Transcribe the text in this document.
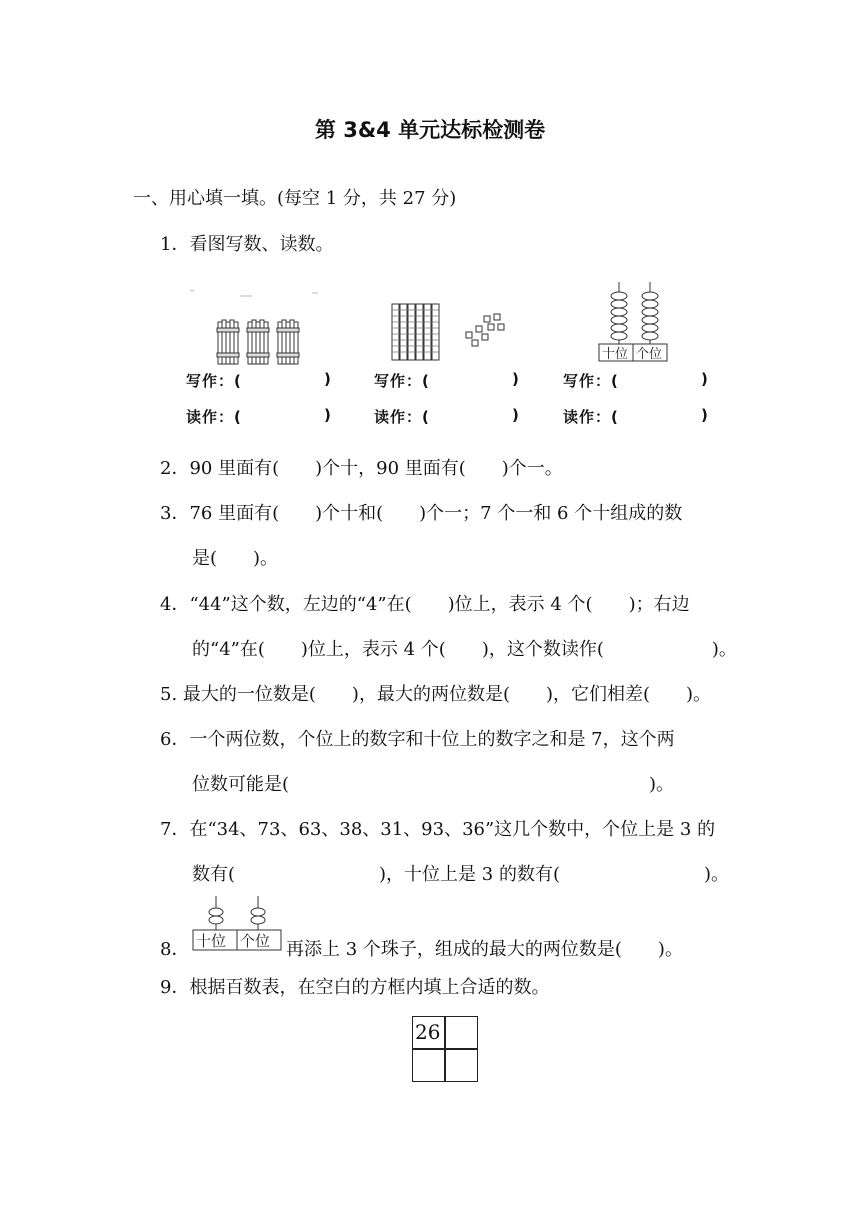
第 3&4 单元达标检测卷
一、用心填一填。(每空 1 分，共 27 分)
1．看图写数、读数。
十位 个位
写作：(	)	写作：(	)	写作：(	)
读作：(	)	读作：(	)	读作：(	)
2．90 里面有(　　)个十，90 里面有(　　)个一。
3．76 里面有(　　)个十和(　　)个一；7 个一和 6 个十组成的数
是(　　)。
4．“44”这个数，左边的“4”在(　　)位上，表示 4 个(　　)；右边
的“4”在(　　)位上，表示 4 个(　　)，这个数读作(　　　　　　)。
5. 最大的一位数是(　　)，最大的两位数是(　　)，它们相差(　　)。
6．一个两位数，个位上的数字和十位上的数字之和是 7，这个两
位数可能是(　　　　　　　　　　　　　　　　　　　　)。
7．在“34、73、63、38、31、93、36”这几个数中，个位上是 3 的
数有(　　　　　　　　)，十位上是 3 的数有(　　　　　　　　)。
8． 十位 个位 再添上 3 个珠子，组成的最大的两位数是(　　)。
9．根据百数表，在空白的方框内填上合适的数。
26
